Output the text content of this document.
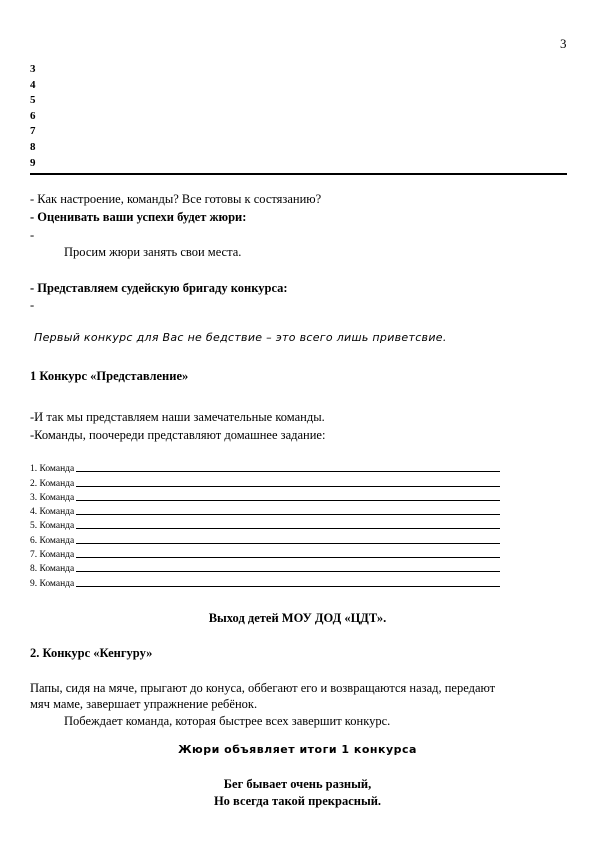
3
3
4
5
6
7
8
9
- Как настроение, команды? Все готовы к состязанию?
- Оценивать ваши успехи будет жюри:
-
Просим жюри занять свои места.
- Представляем судейскую бригаду конкурса:
-
Первый конкурс для Вас не бедствие – это всего лишь приветсвие.
1 Конкурс «Представление»
-И так мы представляем наши замечательные команды.
-Команды, поочереди представляют домашнее задание:
1. Команда
2. Команда
3. Команда
4. Команда
5. Команда
6. Команда
7. Команда
8. Команда
9. Команда
Выход детей МОУ ДОД «ЦДТ».
2. Конкурс «Кенгуру»
Папы, сидя на мяче, прыгают до конуса, оббегают его и возвращаются назад, передают
мяч маме, завершает упражнение ребёнок.
Побеждает команда, которая быстрее всех завершит конкурс.
Жюри объявляет итоги 1 конкурса
Бег бывает очень разный,
Но всегда такой прекрасный.
